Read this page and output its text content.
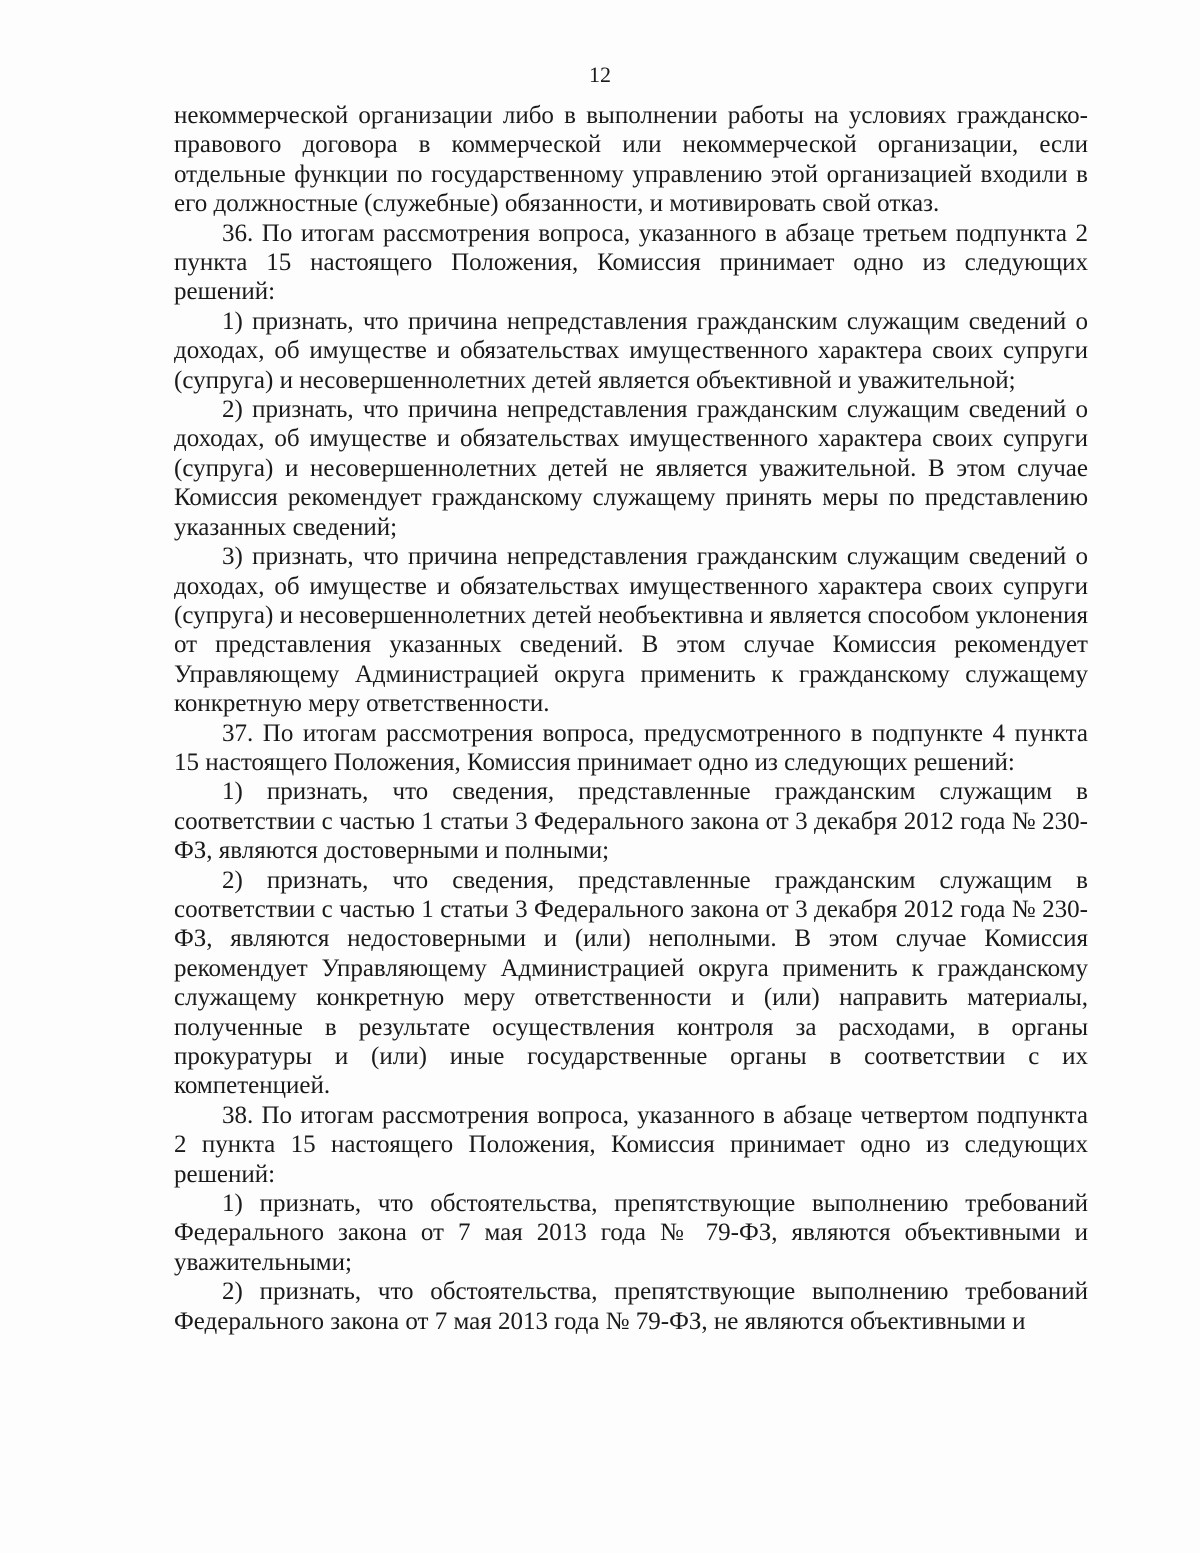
12

некоммерческой организации либо в выполнении работы на условиях гражданско-правового договора в коммерческой или некоммерческой организации, если отдельные функции по государственному управлению этой организацией входили в его должностные (служебные) обязанности, и мотивировать свой отказ.

36. По итогам рассмотрения вопроса, указанного в абзаце третьем подпункта 2 пункта 15 настоящего Положения, Комиссия принимает одно из следующих решений:

1) признать, что причина непредставления гражданским служащим сведений о доходах, об имуществе и обязательствах имущественного характера своих супруги (супруга) и несовершеннолетних детей является объективной и уважительной;

2) признать, что причина непредставления гражданским служащим сведений о доходах, об имуществе и обязательствах имущественного характера своих супруги (супруга) и несовершеннолетних детей не является уважительной. В этом случае Комиссия рекомендует гражданскому служащему принять меры по представлению указанных сведений;

3) признать, что причина непредставления гражданским служащим сведений о доходах, об имуществе и обязательствах имущественного характера своих супруги (супруга) и несовершеннолетних детей необъективна и является способом уклонения от представления указанных сведений. В этом случае Комиссия рекомендует Управляющему Администрацией округа применить к гражданскому служащему конкретную меру ответственности.

37. По итогам рассмотрения вопроса, предусмотренного в подпункте 4 пункта 15 настоящего Положения, Комиссия принимает одно из следующих решений:

1) признать, что сведения, представленные гражданским служащим в соответствии с частью 1 статьи 3 Федерального закона от 3 декабря 2012 года № 230-ФЗ, являются достоверными и полными;

2) признать, что сведения, представленные гражданским служащим в соответствии с частью 1 статьи 3 Федерального закона от 3 декабря 2012 года № 230-ФЗ, являются недостоверными и (или) неполными. В этом случае Комиссия рекомендует Управляющему Администрацией округа применить к гражданскому служащему конкретную меру ответственности и (или) направить материалы, полученные в результате осуществления контроля за расходами, в органы прокуратуры и (или) иные государственные органы в соответствии с их компетенцией.

38. По итогам рассмотрения вопроса, указанного в абзаце четвертом подпункта 2 пункта 15 настоящего Положения, Комиссия принимает одно из следующих решений:

1) признать, что обстоятельства, препятствующие выполнению требований Федерального закона от 7 мая 2013 года № 79-ФЗ, являются объективными и уважительными;

2) признать, что обстоятельства, препятствующие выполнению требований Федерального закона от 7 мая 2013 года № 79-ФЗ, не являются объективными и
